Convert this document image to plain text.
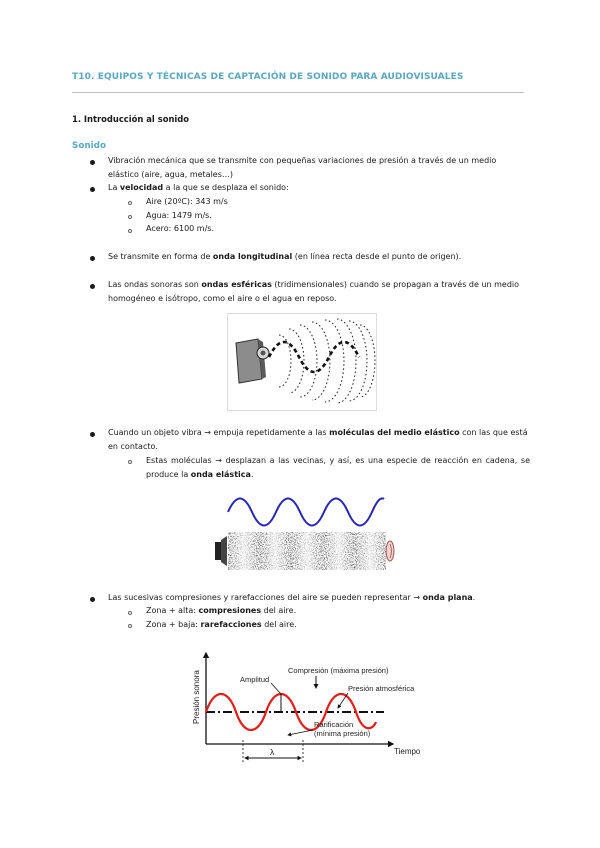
T10. EQUIPOS Y TÉCNICAS DE CAPTACIÓN DE SONIDO PARA AUDIOVISUALES
1. Introducción al sonido
Sonido

Vibración mecánica que se transmite con pequeñas variaciones de presión a través de un medio elástico (aire, agua, metales…)

La velocidad a la que se desplaza el sonido:

Aire (20ºC): 343 m/s

Agua: 1479 m/s.

Acero: 6100 m/s.

Se transmite en forma de onda longitudinal (en línea recta desde el punto de origen).

Las ondas sonoras son ondas esféricas (tridimensionales) cuando se propagan a través de un medio homogéneo e isótropo, como el aire o el agua en reposo.

Cuando un objeto vibra → empuja repetidamente a las moléculas del medio elástico con las que está en contacto.

Estas moléculas → desplazan a las vecinas, y así, es una especie de reacción en cadena, se produce la onda elástica.

Las sucesivas compresiones y rarefacciones del aire se pueden representar → onda plana.

Zona + alta: compresiones del aire.

Zona + baja: rarefacciones del aire.

Presión sonora
Tiempo
Amplitud
Compresión (máxima presión)
Presión atmosférica
Rarificación
(mínima presión)
λ
